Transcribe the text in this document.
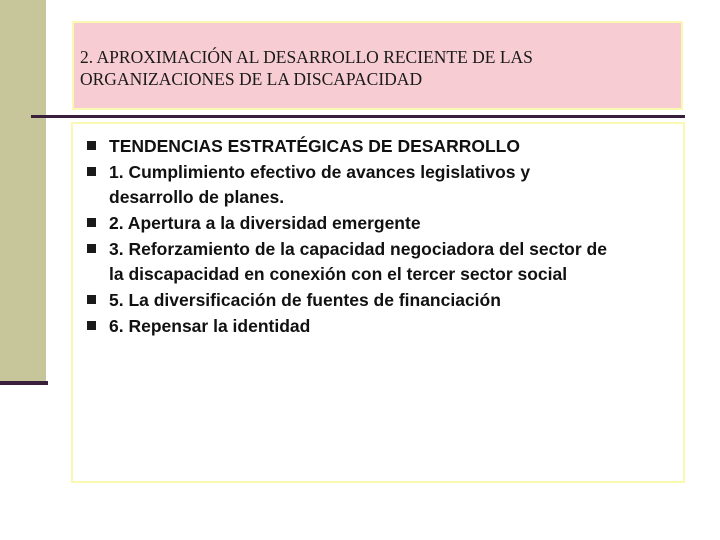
2. APROXIMACIÓN AL DESARROLLO RECIENTE DE LAS
ORGANIZACIONES DE LA DISCAPACIDAD
TENDENCIAS ESTRATÉGICAS DE DESARROLLO
1. Cumplimiento efectivo de avances legislativos y
desarrollo de planes.
2. Apertura a la diversidad emergente
3. Reforzamiento de la capacidad negociadora del sector de
la discapacidad en conexión con el tercer sector social
5. La diversificación de fuentes de financiación
6. Repensar la identidad
